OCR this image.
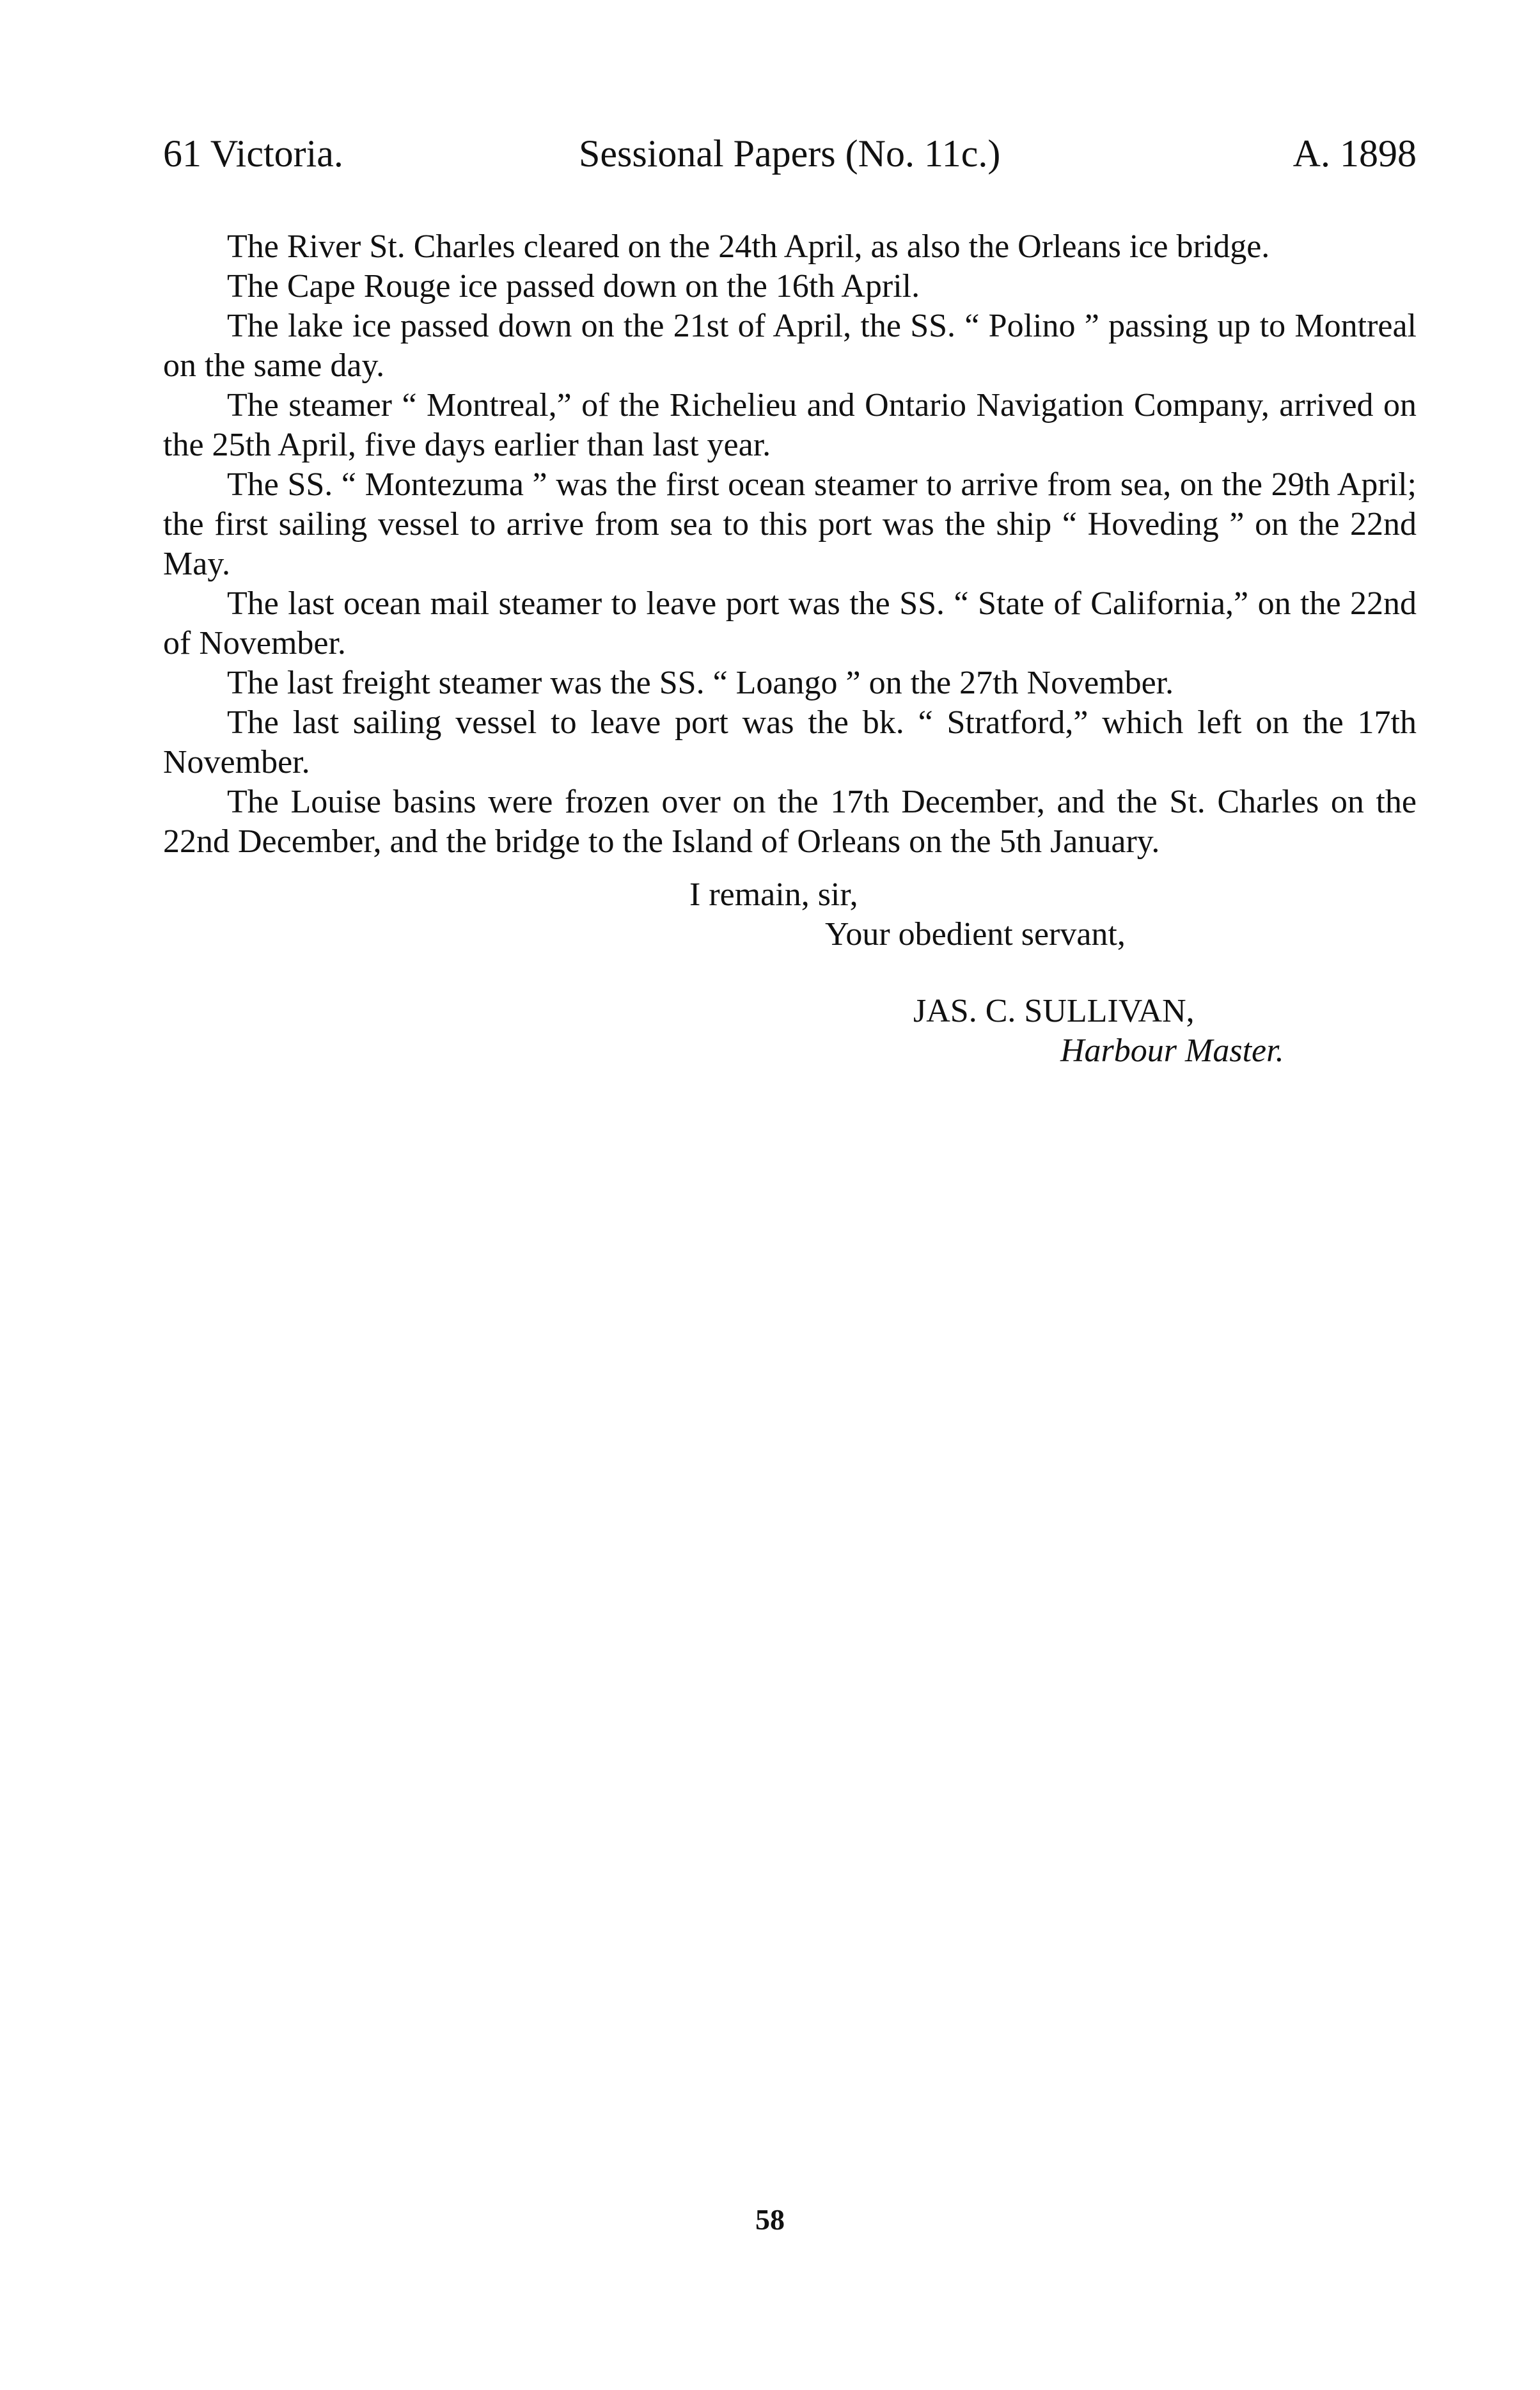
61 Victoria.	Sessional Papers (No. 11c.)	A. 1898

The River St. Charles cleared on the 24th April, as also the Orleans ice bridge.

The Cape Rouge ice passed down on the 16th April.

The lake ice passed down on the 21st of April, the SS. “ Polino ” passing up to Montreal on the same day.

The steamer “ Montreal,” of the Richelieu and Ontario Navigation Company, arrived on the 25th April, five days earlier than last year.

The SS. “ Montezuma ” was the first ocean steamer to arrive from sea, on the 29th April; the first sailing vessel to arrive from sea to this port was the ship “ Hoveding ” on the 22nd May.

The last ocean mail steamer to leave port was the SS. “ State of California,” on the 22nd of November.

The last freight steamer was the SS. “ Loango ” on the 27th November.

The last sailing vessel to leave port was the bk. “ Stratford,” which left on the 17th November.

The Louise basins were frozen over on the 17th December, and the St. Charles on the 22nd December, and the bridge to the Island of Orleans on the 5th January.

I remain, sir,
Your obedient servant,
JAS. C. SULLIVAN,
Harbour Master.
58
